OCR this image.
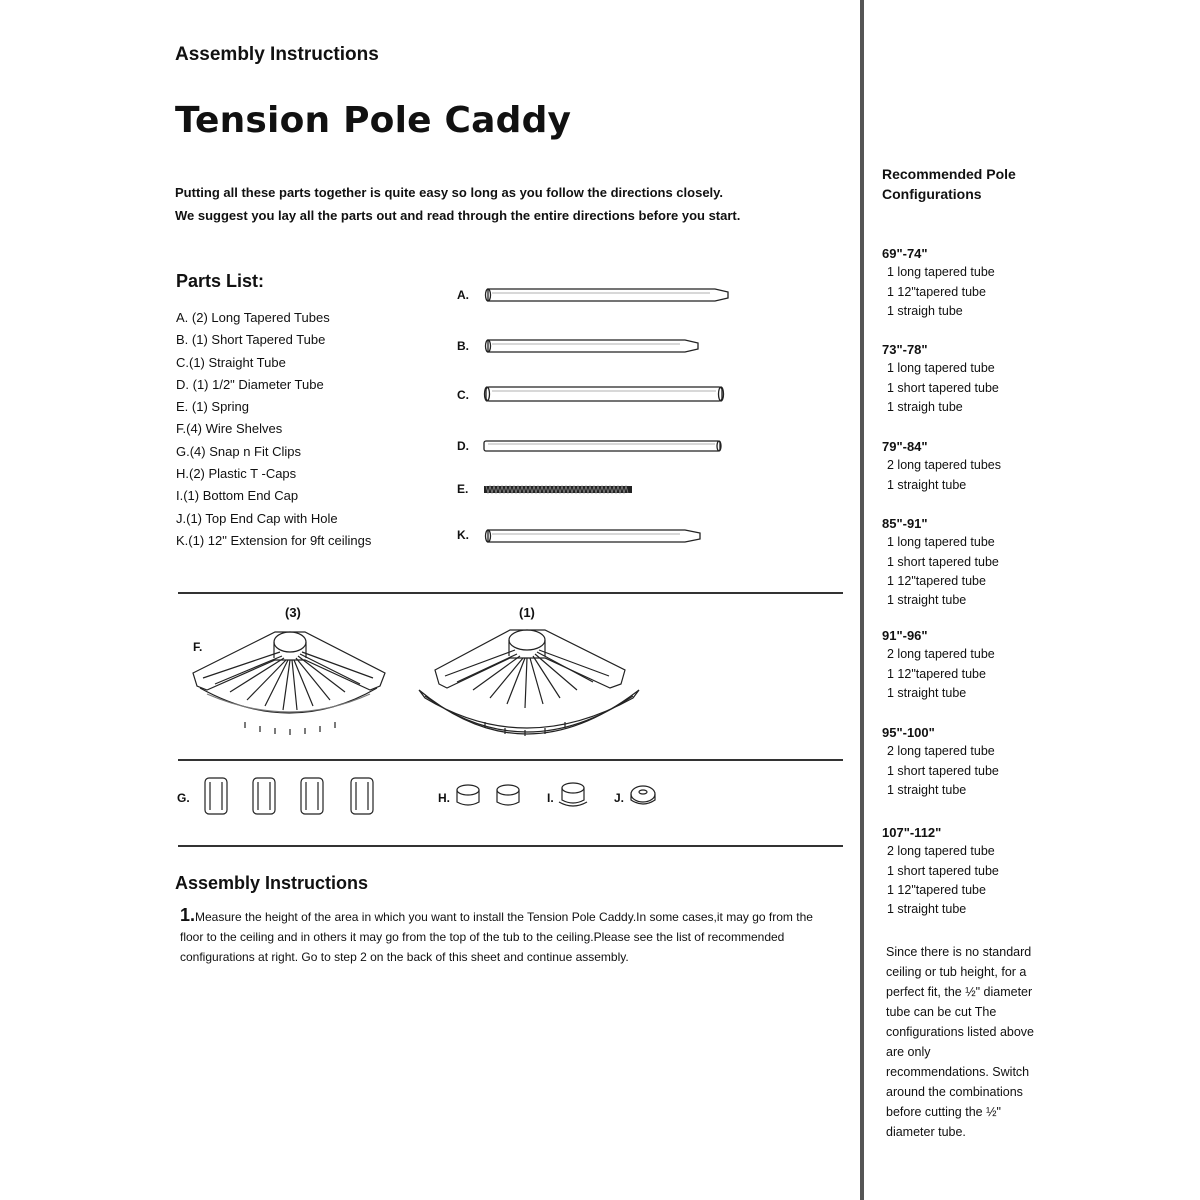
Assembly Instructions
Tension Pole Caddy
Putting all these parts together is quite easy so long as you follow the directions closely.
We suggest you lay all the parts out and read through the entire directions before you start.
Parts List:
A. (2) Long Tapered Tubes
B. (1) Short Tapered Tube
C.(1) Straight Tube
D. (1) 1/2" Diameter Tube
E. (1) Spring
F.(4) Wire Shelves
G.(4) Snap n Fit Clips
H.(2) Plastic T -Caps
I.(1) Bottom End Cap
J.(1) Top End Cap with Hole
K.(1) 12" Extension for 9ft ceilings
A.
B.
C.
D.
E.
K.
F.
(3)	(1)
G.	H.	I.	J.
Assembly Instructions
1.Measure the height of the area in which you want to install the Tension Pole Caddy.In some cases,it may go from the floor to the ceiling and in others it may go from the top of the tub to the ceiling.Please see the list of recommended configurations at right. Go to step 2 on the back of this sheet and continue assembly.
Recommended Pole Configurations
69"-74"
1 long tapered tube
1 12"tapered tube
1 straigh tube
73"-78"
1 long tapered tube
1 short tapered tube
1 straigh tube
79"-84"
2 long tapered tubes
1 straight tube
85"-91"
1 long tapered tube
1 short tapered tube
1 12"tapered tube
1 straight tube
91"-96"
2 long tapered tube
1 12"tapered tube
1 straight tube
95"-100"
2 long tapered tube
1 short tapered tube
1 straight tube
107"-112"
2 long tapered tube
1 short tapered tube
1 12"tapered tube
1 straight tube
Since there is no standard ceiling or tub height, for a perfect fit, the ½" diameter tube can be cut The configurations listed above are only recommendations. Switch around the combinations before cutting the ½" diameter tube.
